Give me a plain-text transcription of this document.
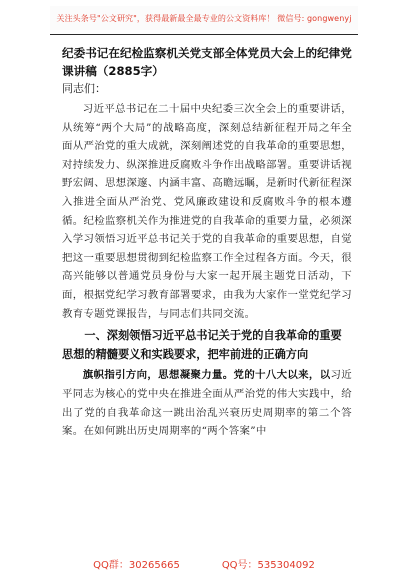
关注头条号"公文研究"，获得最新最全最专业的公文资料库！ 微信号: gongwenyj

纪委书记在纪检监察机关党支部全体党员大会上的纪律党课讲稿（2885字）

同志们：

习近平总书记在二十届中央纪委三次全会上的重要讲话，从统筹“两个大局”的战略高度，深刻总结新征程开局之年全面从严治党的重大成就，深刻阐述党的自我革命的重要思想，对持续发力、纵深推进反腐败斗争作出战略部署。重要讲话视野宏阔、思想深邃、内涵丰富、高瞻远瞩，是新时代新征程深入推进全面从严治党、党风廉政建设和反腐败斗争的根本遵循。纪检监察机关作为推进党的自我革命的重要力量，必须深入学习领悟习近平总书记关于党的自我革命的重要思想，自觉把这一重要思想贯彻到纪检监察工作全过程各方面。今天，很高兴能够以普通党员身份与大家一起开展主题党日活动，下面，根据党纪学习教育部署要求，由我为大家作一堂党纪学习教育专题党课报告，与同志们共同交流。

一、深刻领悟习近平总书记关于党的自我革命的重要思想的精髓要义和实践要求，把牢前进的正确方向

旗帜指引方向，思想凝聚力量。党的十八大以来，以习近平同志为核心的党中央在推进全面从严治党的伟大实践中，给出了党的自我革命这一跳出治乱兴衰历史周期率的第二个答案。在如何跳出历史周期率的“两个答案”中

QQ群：30265665	QQ号：535304092
